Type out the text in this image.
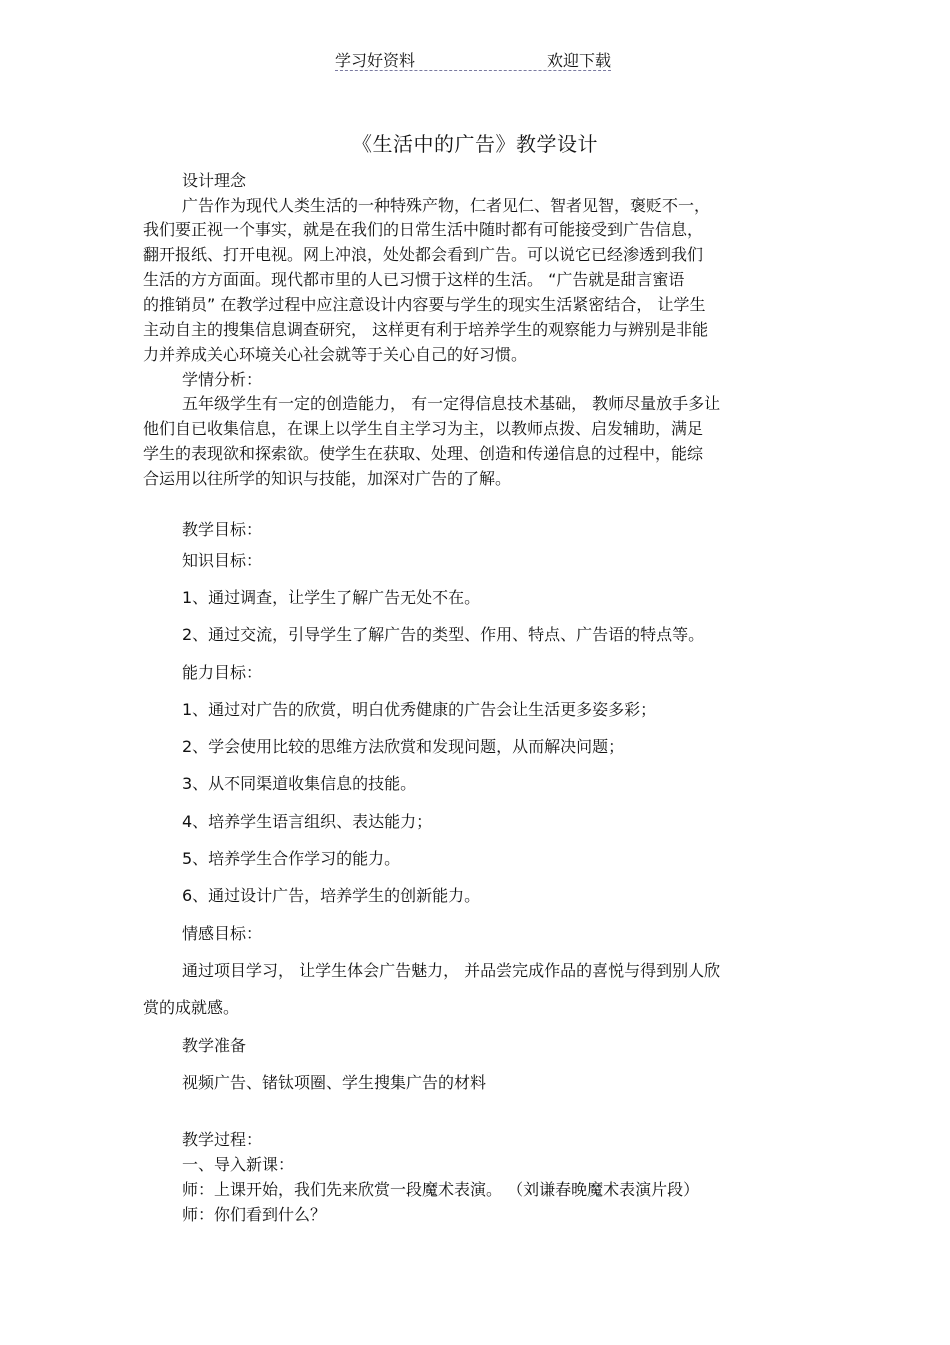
学习好资料	欢迎下载
《生活中的广告》教学设计
设计理念
广告作为现代人类生活的一种特殊产物，仁者见仁、智者见智，褒贬不一，
我们要正视一个事实，就是在我们的日常生活中随时都有可能接受到广告信息，
翻开报纸、打开电视。网上冲浪，处处都会看到广告。可以说它已经渗透到我们
生活的方方面面。现代都市里的人已习惯于这样的生活。 “广告就是甜言蜜语
的推销员” 在教学过程中应注意设计内容要与学生的现实生活紧密结合， 让学生
主动自主的搜集信息调查研究， 这样更有利于培养学生的观察能力与辨别是非能
力并养成关心环境关心社会就等于关心自己的好习惯。
学情分析：
五年级学生有一定的创造能力， 有一定得信息技术基础， 教师尽量放手多让
他们自已收集信息，在课上以学生自主学习为主，以教师点拨、启发辅助，满足
学生的表现欲和探索欲。使学生在获取、处理、创造和传递信息的过程中，能综
合运用以往所学的知识与技能，加深对广告的了解。
教学目标：
知识目标：
1、通过调查，让学生了解广告无处不在。
2、通过交流，引导学生了解广告的类型、作用、特点、广告语的特点等。
能力目标：
1、通过对广告的欣赏，明白优秀健康的广告会让生活更多姿多彩；
2、学会使用比较的思维方法欣赏和发现问题，从而解决问题；
3、从不同渠道收集信息的技能。
4、培养学生语言组织、表达能力；
5、培养学生合作学习的能力。
6、通过设计广告，培养学生的创新能力。
情感目标：
通过项目学习， 让学生体会广告魅力， 并品尝完成作品的喜悦与得到别人欣
赏的成就感。
教学准备
视频广告、锗钛项圈、学生搜集广告的材料
教学过程：
一、导入新课：
师：上课开始，我们先来欣赏一段魔术表演。 （刘谦春晚魔术表演片段）
师：你们看到什么？
